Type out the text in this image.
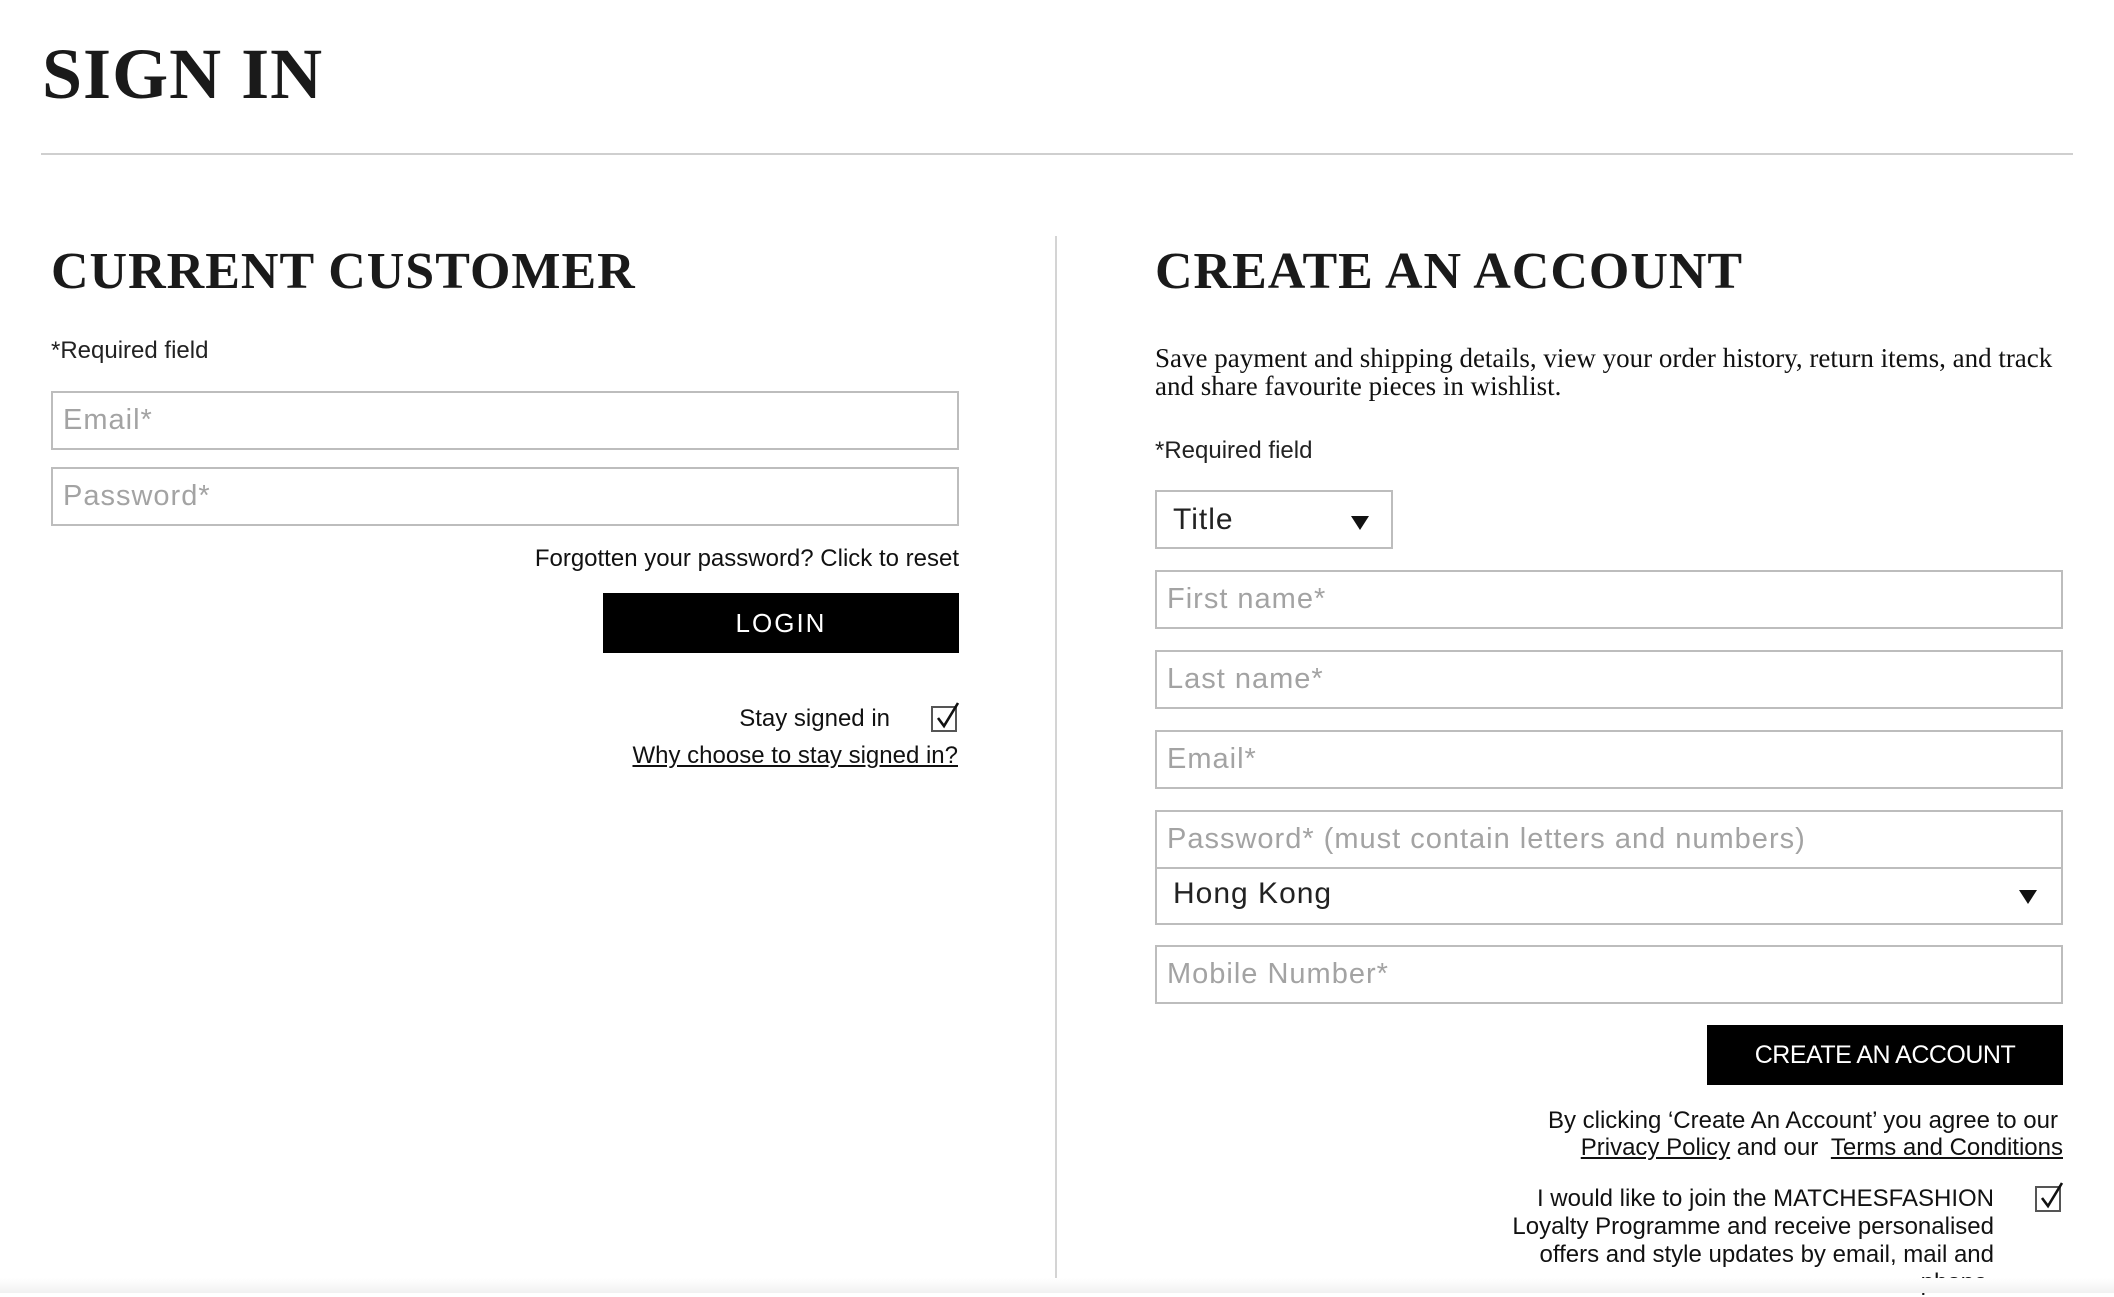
SIGN IN
CURRENT CUSTOMER
*Required field
Email*
Forgotten your password? Click to reset
LOGIN
Stay signed in
Why choose to stay signed in?
CREATE AN ACCOUNT

Save payment and shipping details, view your order history, return items, and track and share favourite pieces in wishlist.

*Required field
Title
First name*
Last name*
Email*
Hong Kong
Mobile Number*
CREATE AN ACCOUNT
By clicking ‘Create An Account’ you agree to our
Privacy Policy and our Terms and Conditions

I would like to join the MATCHESFASHION Loyalty Programme and receive personalised offers and style updates by email, mail and
